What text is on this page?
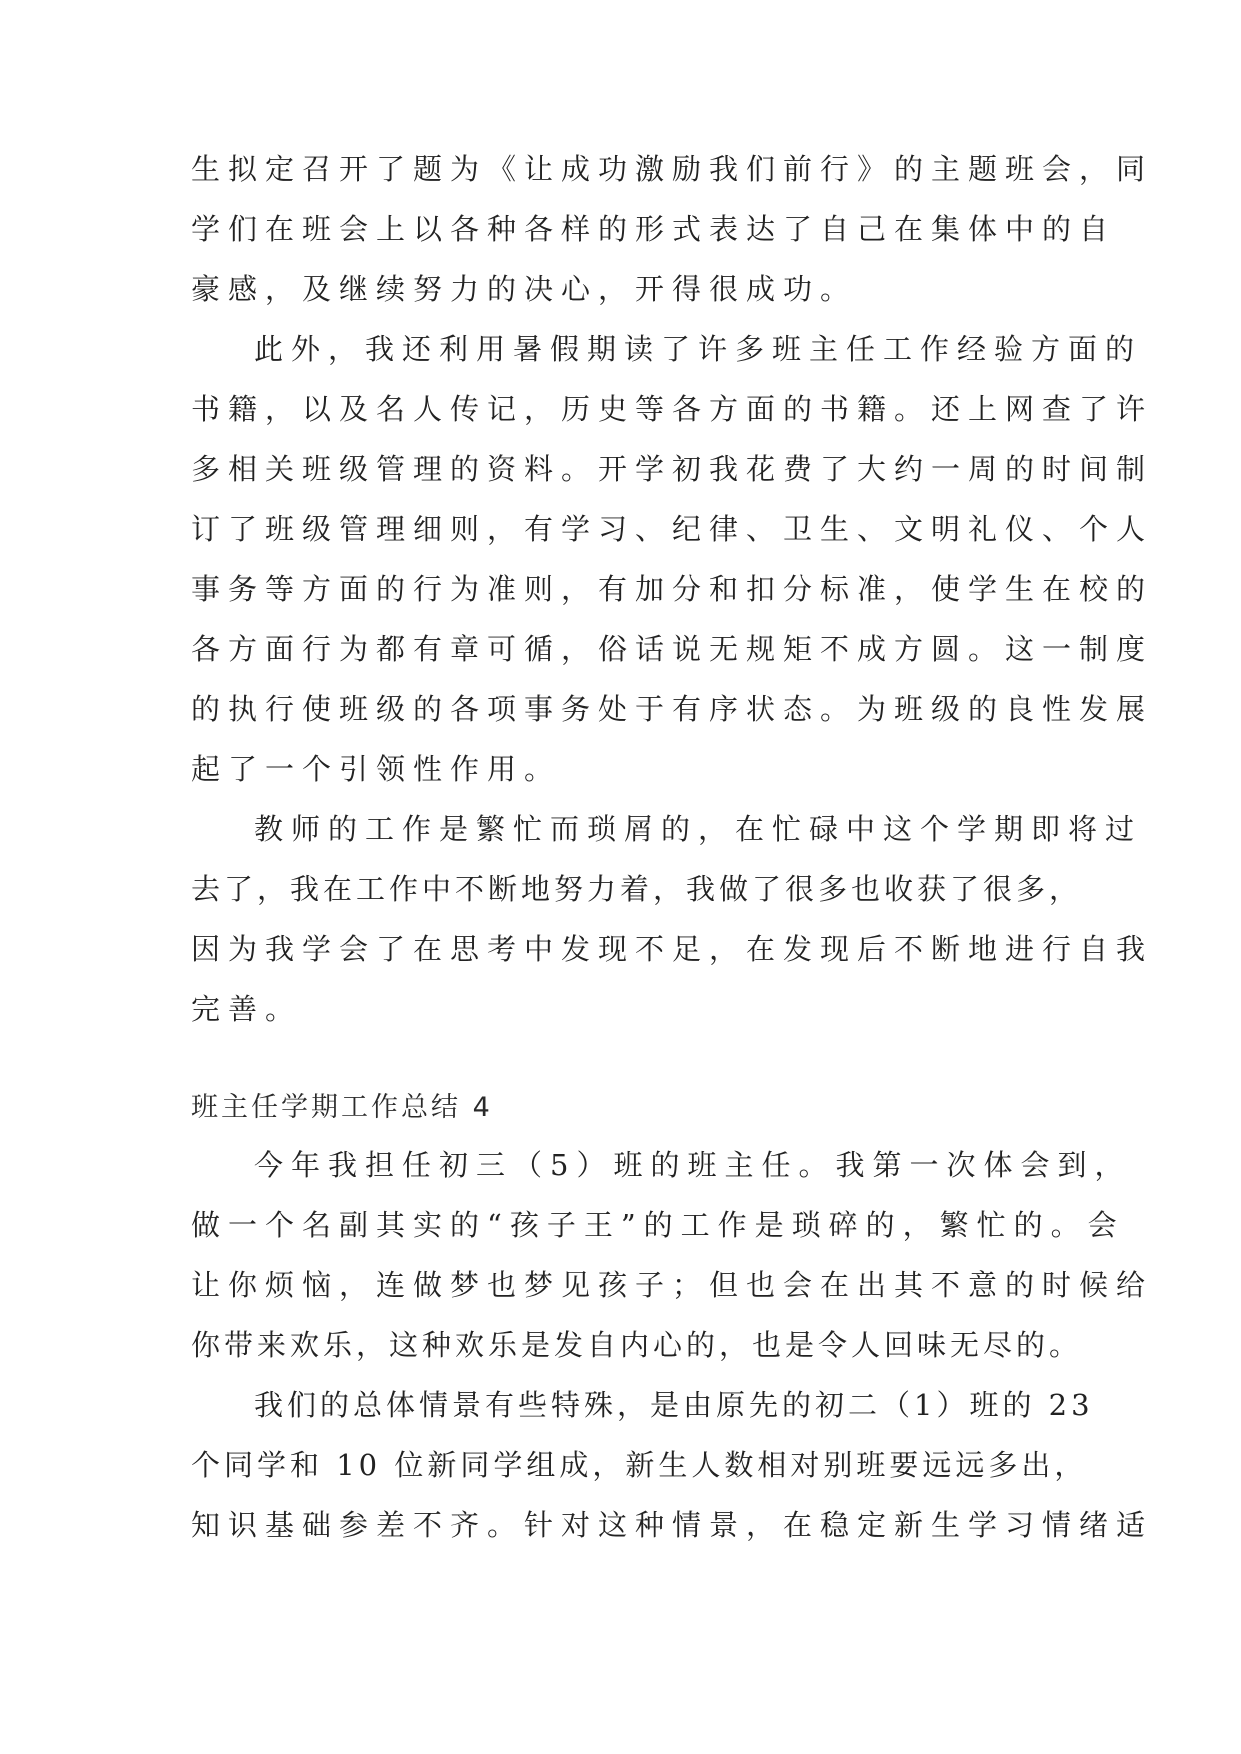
生拟定召开了题为《让成功激励我们前行》的主题班会，同
学们在班会上以各种各样的形式表达了自己在集体中的自
豪感，及继续努力的决心，开得很成功。
此外，我还利用暑假期读了许多班主任工作经验方面的
书籍，以及名人传记，历史等各方面的书籍。还上网查了许
多相关班级管理的资料。开学初我花费了大约一周的时间制
订了班级管理细则，有学习、纪律、卫生、文明礼仪、个人
事务等方面的行为准则，有加分和扣分标准，使学生在校的
各方面行为都有章可循，俗话说无规矩不成方圆。这一制度
的执行使班级的各项事务处于有序状态。为班级的良性发展
起了一个引领性作用。
教师的工作是繁忙而琐屑的，在忙碌中这个学期即将过
去了，我在工作中不断地努力着，我做了很多也收获了很多，
因为我学会了在思考中发现不足，在发现后不断地进行自我
完善。
班主任学期工作总结 4
今年我担任初三（5）班的班主任。我第一次体会到，
做一个名副其实的“孩子王”的工作是琐碎的，繁忙的。会
让你烦恼，连做梦也梦见孩子；但也会在出其不意的时候给
你带来欢乐，这种欢乐是发自内心的，也是令人回味无尽的。
我们的总体情景有些特殊，是由原先的初二（1）班的 23
个同学和 10 位新同学组成，新生人数相对别班要远远多出，
知识基础参差不齐。针对这种情景，在稳定新生学习情绪适
